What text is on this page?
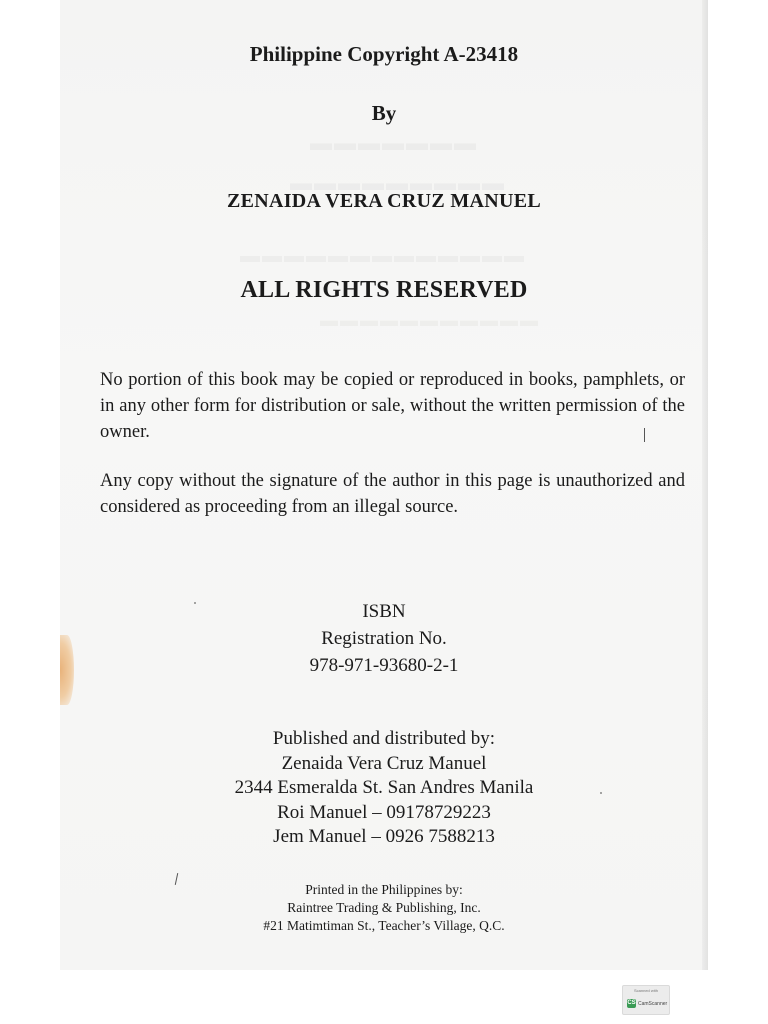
Philippine Copyright A-23418
By
ZENAIDA VERA CRUZ MANUEL
ALL RIGHTS RESERVED
No portion of this book may be copied or reproduced in books, pamphlets, or in any other form for distribution or sale, without the written permission of the owner.
Any copy without the signature of the author in this page is unauthorized and considered as proceeding from an illegal source.
ISBN
Registration No.
978-971-93680-2-1
Published and distributed by:
Zenaida Vera Cruz Manuel
2344 Esmeralda St. San Andres Manila
Roi Manuel – 09178729223
Jem Manuel – 0926 7588213
Printed in the Philippines by:
Raintree Trading & Publishing, Inc.
#21 Matimtiman St., Teacher’s Village, Q.C.
Scanned with
CS CamScanner
